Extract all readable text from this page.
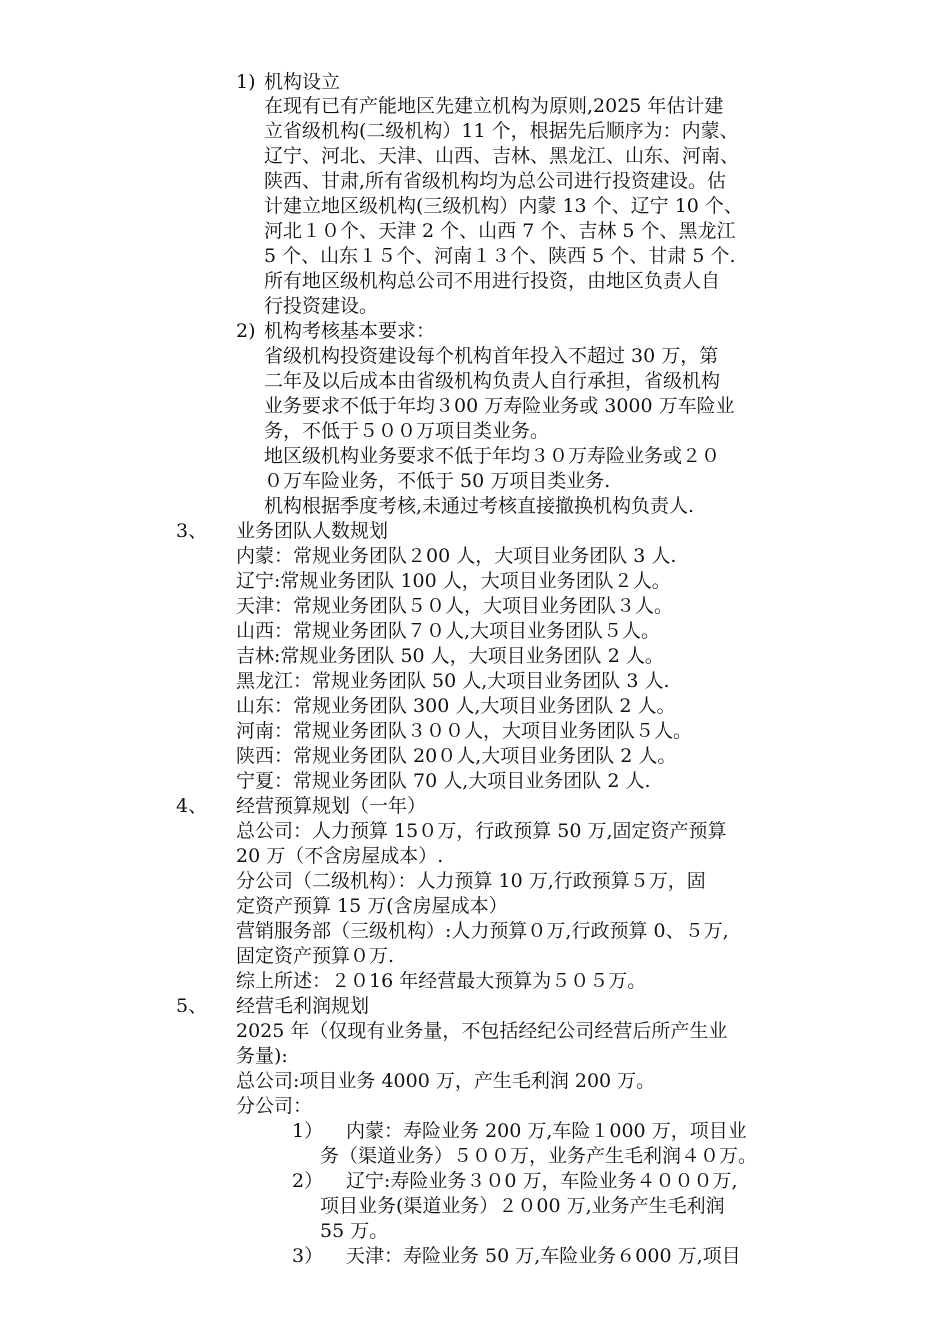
1) 机构设立
在现有已有产能地区先建立机构为原则,2025 年估计建
立省级机构(二级机构）11 个，根据先后顺序为：内蒙、
辽宁、河北、天津、山西、吉林、黑龙江、山东、河南、
陕西、甘肃,所有省级机构均为总公司进行投资建设。估
计建立地区级机构(三级机构）内蒙 13 个、辽宁 10 个、
河北１０个、天津 2 个、山西 7 个、吉林 5 个、黑龙江
5 个、山东１５个、河南１３个、陕西 5 个、甘肃 5 个.
所有地区级机构总公司不用进行投资，由地区负责人自
行投资建设。
2) 机构考核基本要求：
省级机构投资建设每个机构首年投入不超过 30 万，第
二年及以后成本由省级机构负责人自行承担，省级机构
业务要求不低于年均３00 万寿险业务或 3000 万车险业
务，不低于５００万项目类业务。
地区级机构业务要求不低于年均３０万寿险业务或２０
０万车险业务，不低于 50 万项目类业务.
机构根据季度考核,未通过考核直接撤换机构负责人.
3、 业务团队人数规划
内蒙：常规业务团队２00 人，大项目业务团队 3 人.
辽宁:常规业务团队 100 人，大项目业务团队２人。
天津：常规业务团队５０人，大项目业务团队３人。
山西：常规业务团队７０人,大项目业务团队５人。
吉林:常规业务团队 50 人，大项目业务团队 2 人。
黑龙江：常规业务团队 50 人,大项目业务团队 3 人.
山东：常规业务团队 300 人,大项目业务团队 2 人。
河南：常规业务团队３００人，大项目业务团队５人。
陕西：常规业务团队 20０人,大项目业务团队 2 人。
宁夏：常规业务团队 70 人,大项目业务团队 2 人.
4、 经营预算规划（一年）
总公司：人力预算 15０万，行政预算 50 万,固定资产预算
20 万（不含房屋成本）.
分公司（二级机构）：人力预算 10 万,行政预算５万，固
定资产预算 15 万(含房屋成本）
营销服务部（三级机构）:人力预算０万,行政预算 0、５万,
固定资产预算０万.
综上所述：２０16 年经营最大预算为５０５万。
5、 经营毛利润规划
2025 年（仅现有业务量，不包括经纪公司经营后所产生业
务量):
总公司:项目业务 4000 万，产生毛利润 200 万。
分公司：
1） 内蒙：寿险业务 200 万,车险１000 万，项目业
务（渠道业务）５００万，业务产生毛利润４０万。
2） 辽宁:寿险业务３０0 万，车险业务４０００万,
项目业务(渠道业务）２０00 万,业务产生毛利润
55 万。
3） 天津：寿险业务 50 万,车险业务６000 万,项目
